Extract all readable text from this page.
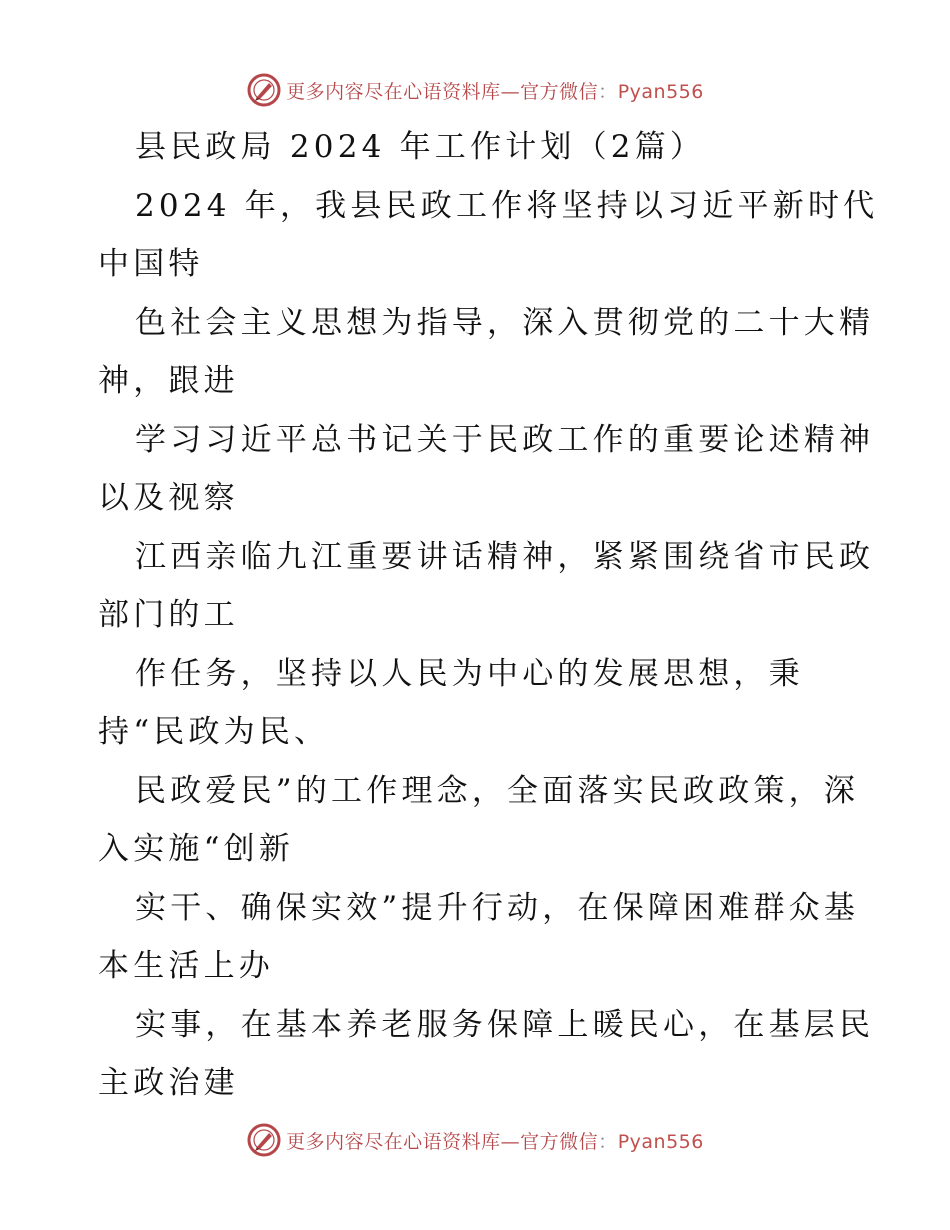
更多内容尽在心语资料库—官方微信：Pyan556
县民政局 2024 年工作计划（2篇）
2024 年，我县民政工作将坚持以习近平新时代
中国特
色社会主义思想为指导，深入贯彻党的二十大精
神，跟进
学习习近平总书记关于民政工作的重要论述精神
以及视察
江西亲临九江重要讲话精神，紧紧围绕省市民政
部门的工
作任务，坚持以人民为中心的发展思想，秉
持“民政为民、
民政爱民”的工作理念，全面落实民政政策，深
入实施“创新
实干、确保实效”提升行动，在保障困难群众基
本生活上办
实事，在基本养老服务保障上暖民心，在基层民
主政治建
更多内容尽在心语资料库—官方微信：Pyan556
